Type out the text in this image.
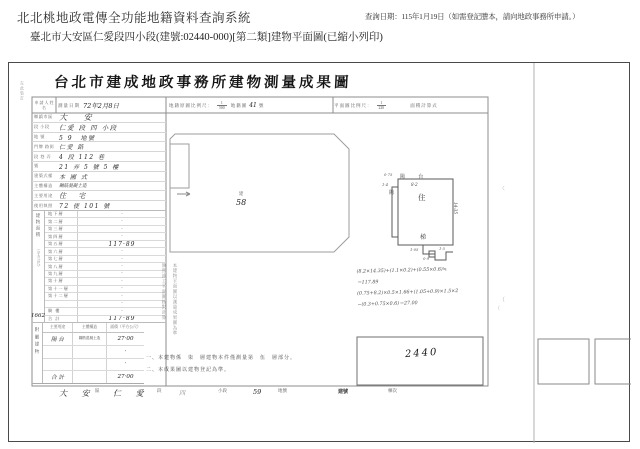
北北桃地政電傳全功能地籍資料查詢系統	查詢日期：115年1月19日（如需登記謄本，請向地政事務所申請。）
臺北市大安區仁愛段四小段(建號:02440-000)[第二類]建物平面圖(已縮小列印)
在此裝訂 台北市建成地政事務所建物測量成果圖
申請人姓名	測量日期 72年2月8日	地籍原圖比例尺： $\frac{1}{500}$ 地籍圖 41 號	平面圖比例尺： $\frac{1}{220}$	面積計算式
鄉鎮市區 大 安
段 小段	仁愛 段 四 小段
地 號	5 9　地號
門牌 路街 仁愛 路
段 巷 弄	4 段 112 巷
號	21 弄 5 號 5 樓
建築式樣	本 國 式
主體構造	鋼筋混凝土造
主要用途 住 宅
使用執照	72 使 101 號
建物面積
（平方公尺）
1662
地下層	·
第二層	·
第三層	·
第四層	·
第五層	117·89
第六層	·
第七層	·
第八層	·
第九層	·
第十層	·
第十一層	·
第十二層	·
·
騎 樓	·
合 計	117·89
附屬建物	主要用途	主體構造	面積（平方公尺）
陽 台	鋼筋混凝土造	27·00
·
·
合 計	27·00
建
58
陽 台
8·2
陽	住
梯
14·35
0·75
1·4
1·05
0·9
1·5
本建物平面圖以測量成果圖為準
執照竣工平面圖核對計算	(8.2×14.35)+(1.1×0.2)+(0.55×0.6)≒
＝117.89
(0.75+8.2)×0.5×1.66+(1.05+0.9)×1.5×2
−(0.3+0.75×0.6)＝27.00
2440
一、本建物係　柒　層建物本件僅測量第　伍　層部分。
二、本成果圖以建物登記為準。
大 安 區 仁 愛 段	四	小段	59	地號	建號	棟次
く
（
（
